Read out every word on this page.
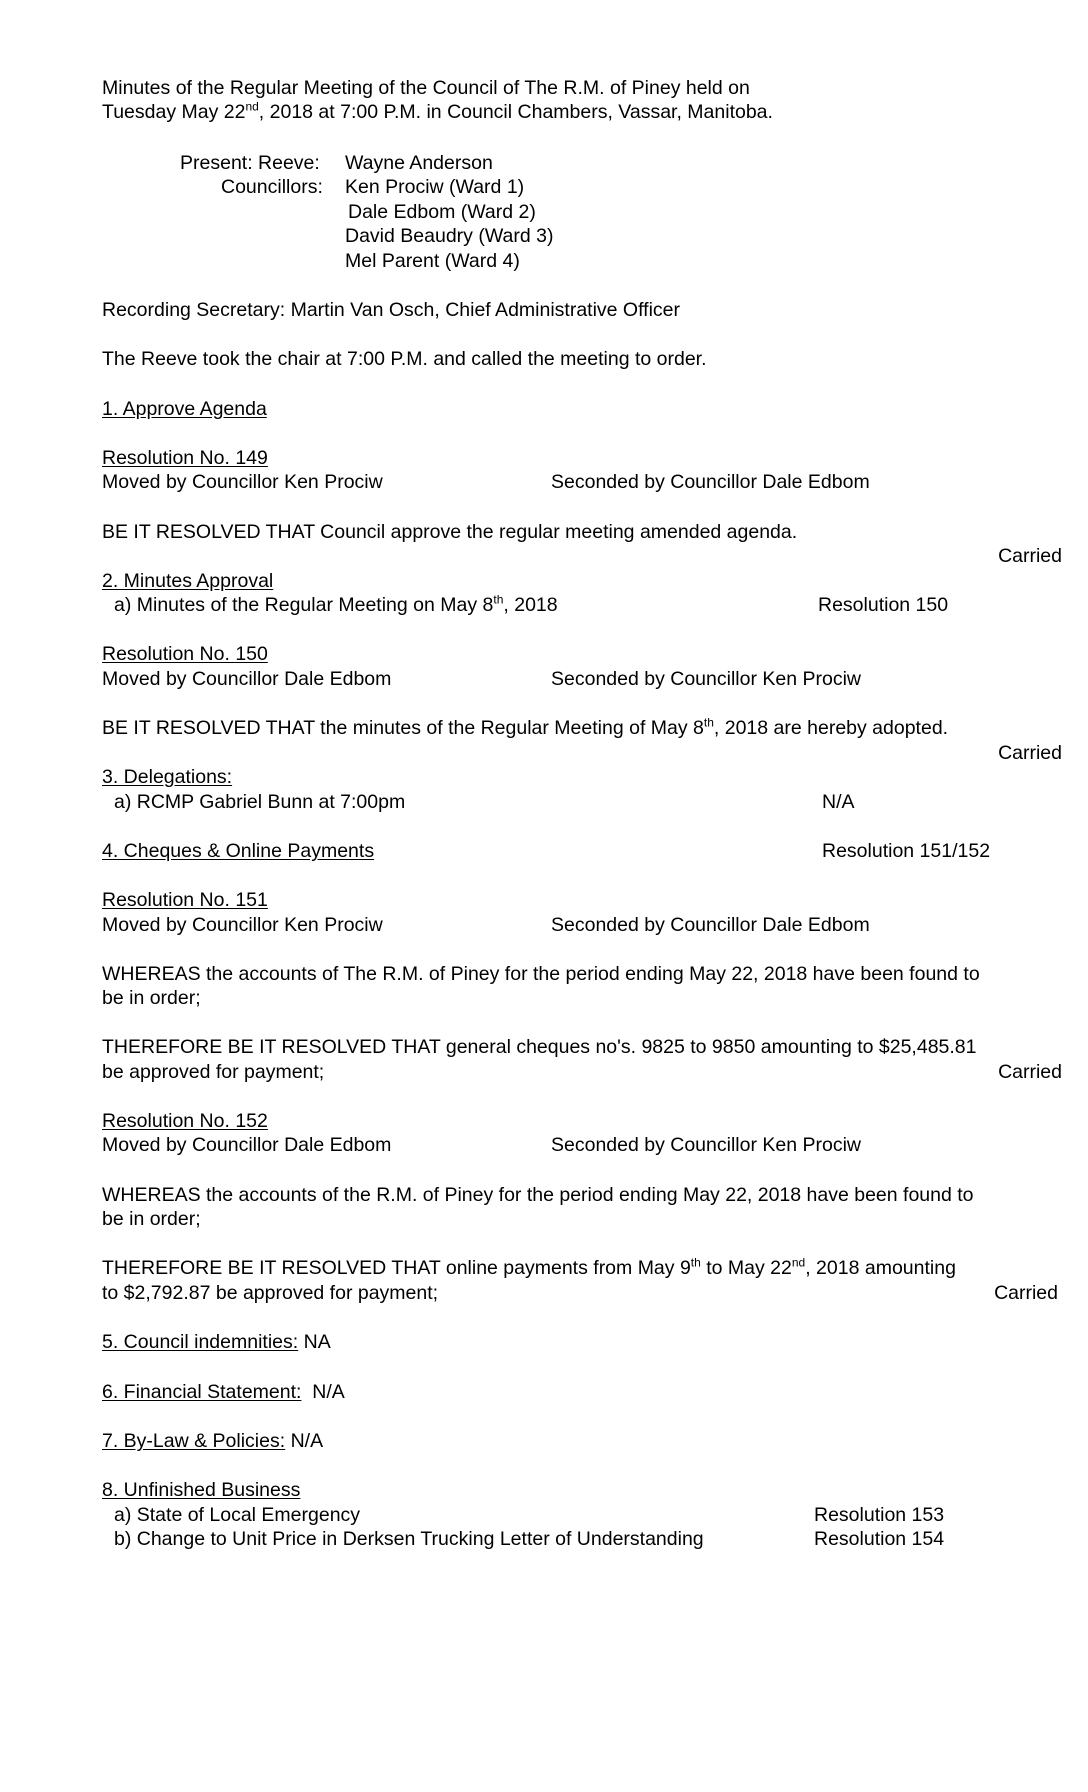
Minutes of the Regular Meeting of the Council of The R.M. of Piney held on
Tuesday May 22nd, 2018 at 7:00 P.M. in Council Chambers, Vassar, Manitoba.
Present: Reeve: Wayne Anderson
Councillors: Ken Prociw (Ward 1)
Dale Edbom (Ward 2)
David Beaudry (Ward 3)
Mel Parent (Ward 4)
Recording Secretary: Martin Van Osch, Chief Administrative Officer
The Reeve took the chair at 7:00 P.M. and called the meeting to order.
1. Approve Agenda
Resolution No. 149
Moved by Councillor Ken Prociw	Seconded by Councillor Dale Edbom
BE IT RESOLVED THAT Council approve the regular meeting amended agenda.
Carried
2. Minutes Approval
a) Minutes of the Regular Meeting on May 8th, 2018	Resolution 150
Resolution No. 150
Moved by Councillor Dale Edbom	Seconded by Councillor Ken Prociw
BE IT RESOLVED THAT the minutes of the Regular Meeting of May 8th, 2018 are hereby adopted.
Carried
3. Delegations:
a) RCMP Gabriel Bunn at 7:00pm	N/A
4. Cheques & Online Payments	Resolution 151/152
Resolution No. 151
Moved by Councillor Ken Prociw	Seconded by Councillor Dale Edbom
WHEREAS the accounts of The R.M. of Piney for the period ending May 22, 2018 have been found to
be in order;
THEREFORE BE IT RESOLVED THAT general cheques no's. 9825 to 9850 amounting to $25,485.81
be approved for payment;	Carried
Resolution No. 152
Moved by Councillor Dale Edbom	Seconded by Councillor Ken Prociw
WHEREAS the accounts of the R.M. of Piney for the period ending May 22, 2018 have been found to
be in order;
THEREFORE BE IT RESOLVED THAT online payments from May 9th to May 22nd, 2018 amounting
to $2,792.87 be approved for payment;	Carried
5. Council indemnities: NA
6. Financial Statement:  N/A
7. By-Law & Policies: N/A
8. Unfinished Business
a) State of Local Emergency	Resolution 153
b) Change to Unit Price in Derksen Trucking Letter of Understanding	Resolution 154
